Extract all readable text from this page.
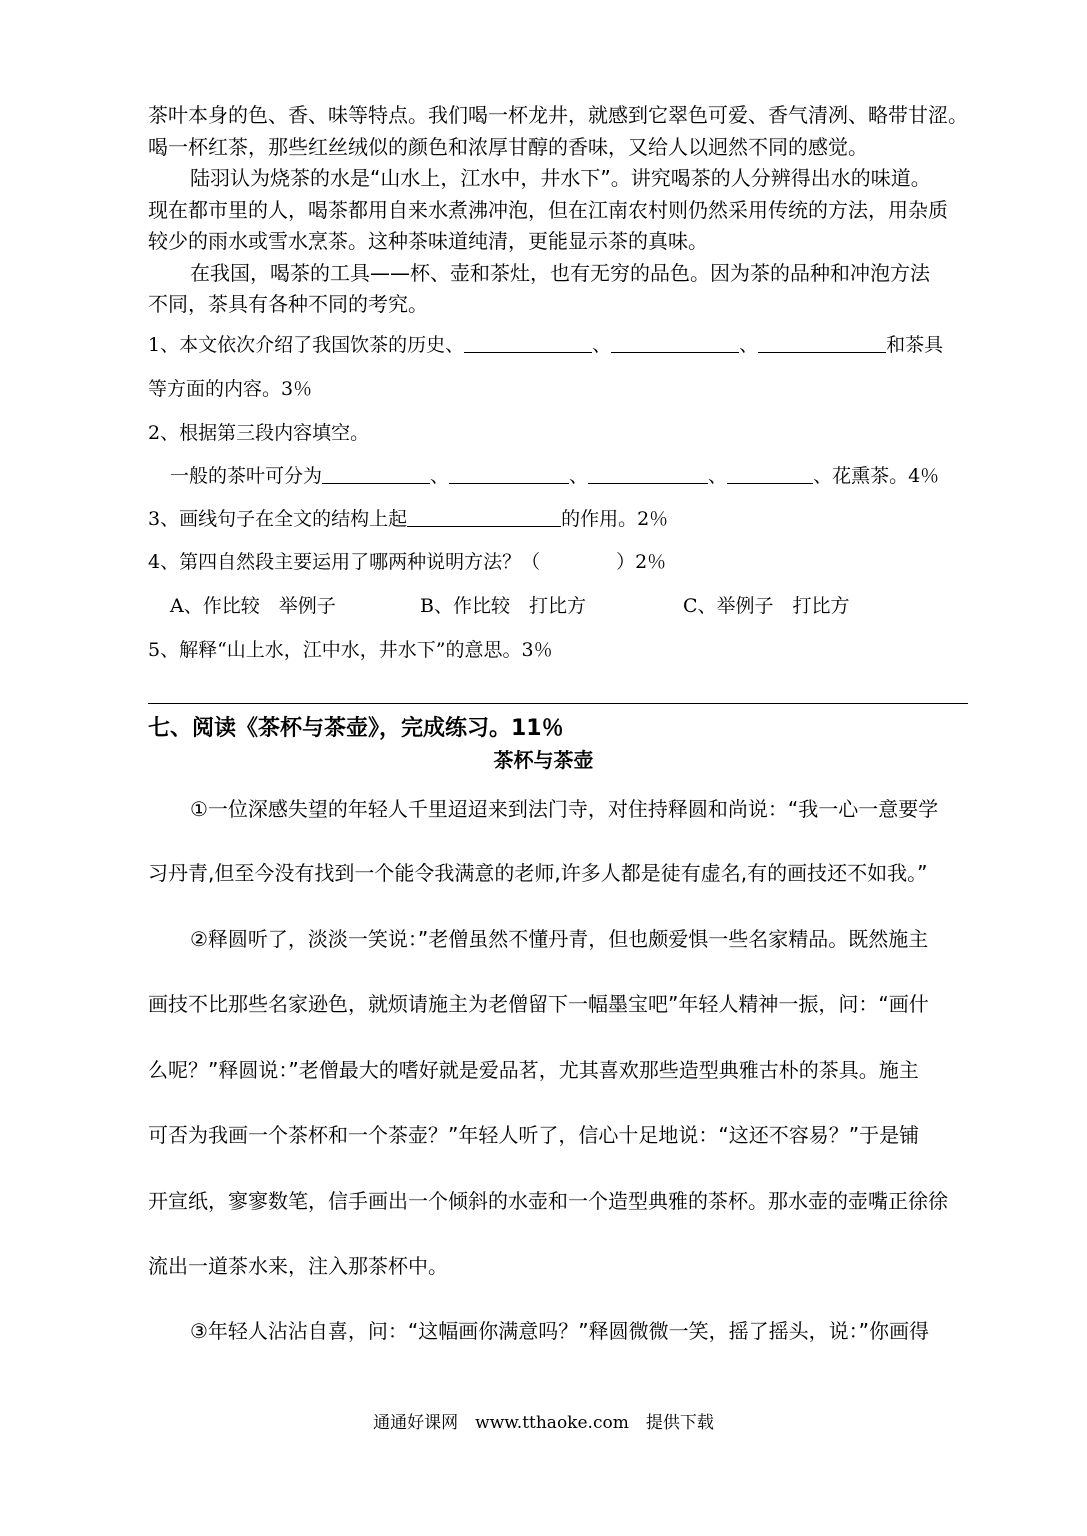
茶叶本身的色、香、味等特点。我们喝一杯龙井，就感到它翠色可爱、香气清冽、略带甘涩。
喝一杯红茶，那些红丝绒似的颜色和浓厚甘醇的香味，又给人以迥然不同的感觉。
陆羽认为烧茶的水是“山水上，江水中，井水下”。讲究喝茶的人分辨得出水的味道。
现在都市里的人，喝茶都用自来水煮沸冲泡，但在江南农村则仍然采用传统的方法，用杂质
较少的雨水或雪水烹茶。这种茶味道纯清，更能显示茶的真味。
在我国，喝茶的工具——杯、壶和茶灶，也有无穷的品色。因为茶的品种和冲泡方法
不同，茶具有各种不同的考究。
1、本文依次介绍了我国饮茶的历史、	、	、	和茶具
等方面的内容。3％
2、根据第三段内容填空。
一般的茶叶可分为	、	、	、	、花熏茶。4％
3、画线句子在全文的结构上起	的作用。2％
4、第四自然段主要运用了哪两种说明方法？（　　　　）2％
A、作比较　举例子	B、作比较　打比方	C、举例子　打比方
5、解释“山上水，江中水，井水下”的意思。3％
七、阅读《茶杯与茶壶》，完成练习。11％
茶杯与茶壶
①一位深感失望的年轻人千里迢迢来到法门寺，对住持释圆和尚说：“我一心一意要学
习丹青,但至今没有找到一个能令我满意的老师,许多人都是徒有虚名,有的画技还不如我。”
②释圆听了，淡淡一笑说：”老僧虽然不懂丹青，但也颇爱惧一些名家精品。既然施主
画技不比那些名家逊色，就烦请施主为老僧留下一幅墨宝吧”年轻人精神一振，问：“画什
么呢？”释圆说：”老僧最大的嗜好就是爱品茗，尤其喜欢那些造型典雅古朴的茶具。施主
可否为我画一个茶杯和一个茶壶？”年轻人听了，信心十足地说：“这还不容易？”于是铺
开宣纸，寥寥数笔，信手画出一个倾斜的水壶和一个造型典雅的茶杯。那水壶的壶嘴正徐徐
流出一道茶水来，注入那茶杯中。
③年轻人沾沾自喜，问：“这幅画你满意吗？”释圆微微一笑，摇了摇头，说：”你画得
通通好课网　www.tthaoke.com　提供下载
